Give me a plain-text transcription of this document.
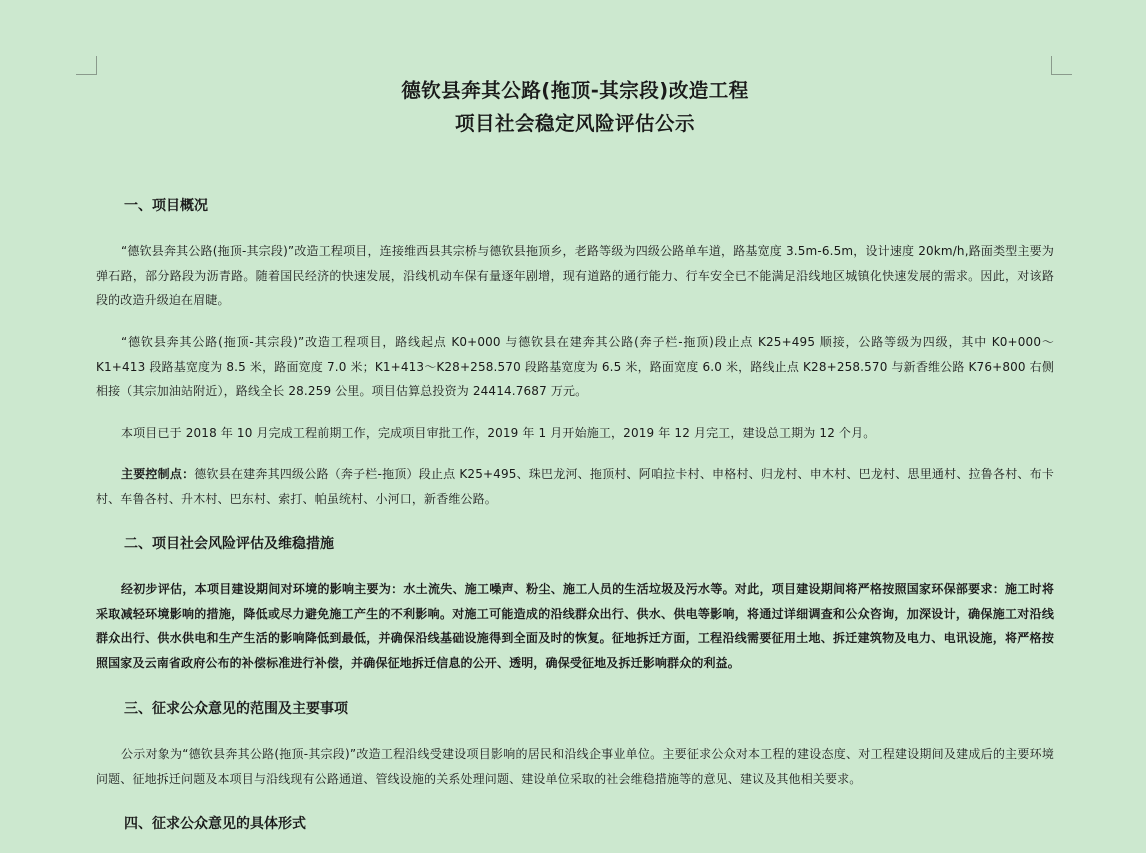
德钦县奔其公路(拖顶-其宗段)改造工程
项目社会稳定风险评估公示
一、项目概况

“德钦县奔其公路(拖顶-其宗段)”改造工程项目，连接维西县其宗桥与德钦县拖顶乡，老路等级为四级公路单车道，路基宽度 3.5m-6.5m，设计速度 20km/h,路面类型主要为弹石路，部分路段为沥青路。随着国民经济的快速发展，沿线机动车保有量逐年剧增，现有道路的通行能力、行车安全已不能满足沿线地区城镇化快速发展的需求。因此，对该路段的改造升级迫在眉睫。

“德钦县奔其公路(拖顶-其宗段)”改造工程项目，路线起点 K0+000 与德钦县在建奔其公路(奔子栏-拖顶)段止点 K25+495 顺接，公路等级为四级，其中 K0+000～K1+413 段路基宽度为 8.5 米，路面宽度 7.0 米；K1+413～K28+258.570 段路基宽度为 6.5 米，路面宽度 6.0 米，路线止点 K28+258.570 与新香维公路 K76+800 右侧相接（其宗加油站附近），路线全长 28.259 公里。项目估算总投资为 24414.7687 万元。

本项目已于 2018 年 10 月完成工程前期工作，完成项目审批工作，2019 年 1 月开始施工，2019 年 12 月完工，建设总工期为 12 个月。

主要控制点：德钦县在建奔其四级公路（奔子栏-拖顶）段止点 K25+495、珠巴龙河、拖顶村、阿咱拉卡村、申格村、归龙村、申木村、巴龙村、思里通村、拉鲁各村、布卡村、车鲁各村、升木村、巴东村、索打、帕虽统村、小河口，新香维公路。

二、项目社会风险评估及维稳措施

经初步评估，本项目建设期间对环境的影响主要为：水土流失、施工噪声、粉尘、施工人员的生活垃圾及污水等。对此，项目建设期间将严格按照国家环保部要求：施工时将采取减轻环境影响的措施，降低或尽力避免施工产生的不利影响。对施工可能造成的沿线群众出行、供水、供电等影响，将通过详细调查和公众咨询，加深设计，确保施工对沿线群众出行、供水供电和生产生活的影响降低到最低，并确保沿线基础设施得到全面及时的恢复。征地拆迁方面，工程沿线需要征用土地、拆迁建筑物及电力、电讯设施，将严格按照国家及云南省政府公布的补偿标准进行补偿，并确保征地拆迁信息的公开、透明，确保受征地及拆迁影响群众的利益。

三、征求公众意见的范围及主要事项

公示对象为“德钦县奔其公路(拖顶-其宗段)”改造工程沿线受建设项目影响的居民和沿线企事业单位。主要征求公众对本工程的建设态度、对工程建设期间及建成后的主要环境问题、征地拆迁问题及本项目与沿线现有公路通道、管线设施的关系处理问题、建设单位采取的社会维稳措施等的意见、建议及其他相关要求。

四、征求公众意见的具体形式
